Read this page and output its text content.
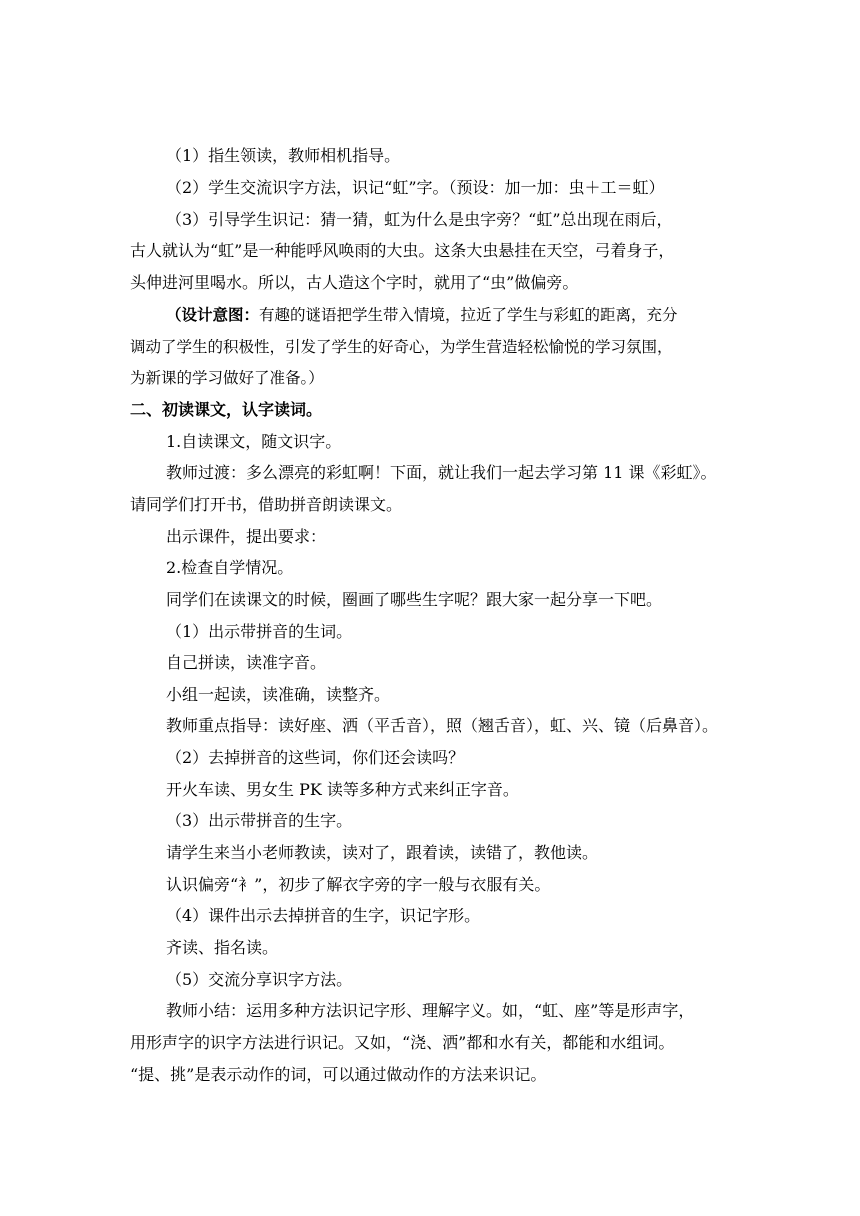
（1）指生领读，教师相机指导。
（2）学生交流识字方法，识记“虹”字。（预设：加一加：虫＋工＝虹）
（3）引导学生识记：猜一猜，虹为什么是虫字旁？“虹”总出现在雨后，
古人就认为“虹”是一种能呼风唤雨的大虫。这条大虫悬挂在天空，弓着身子，
头伸进河里喝水。所以，古人造这个字时，就用了“虫”做偏旁。
（设计意图：有趣的谜语把学生带入情境，拉近了学生与彩虹的距离，充分
调动了学生的积极性，引发了学生的好奇心，为学生营造轻松愉悦的学习氛围，
为新课的学习做好了准备。）
二、初读课文，认字读词。
1.自读课文，随文识字。
教师过渡：多么漂亮的彩虹啊！下面，就让我们一起去学习第 11 课《彩虹》。
请同学们打开书，借助拼音朗读课文。
出示课件，提出要求：
2.检查自学情况。
同学们在读课文的时候，圈画了哪些生字呢？跟大家一起分享一下吧。
（1）出示带拼音的生词。
自己拼读，读准字音。
小组一起读，读准确，读整齐。
教师重点指导：读好座、洒（平舌音），照（翘舌音），虹、兴、镜（后鼻音）。
（2）去掉拼音的这些词，你们还会读吗？
开火车读、男女生 PK 读等多种方式来纠正字音。
（3）出示带拼音的生字。
请学生来当小老师教读，读对了，跟着读，读错了，教他读。
认识偏旁“衤”，初步了解衣字旁的字一般与衣服有关。
（4）课件出示去掉拼音的生字，识记字形。
齐读、指名读。
（5）交流分享识字方法。
教师小结：运用多种方法识记字形、理解字义。如，“虹、座”等是形声字，
用形声字的识字方法进行识记。又如，“浇、洒”都和水有关，都能和水组词。
“提、挑”是表示动作的词，可以通过做动作的方法来识记。
